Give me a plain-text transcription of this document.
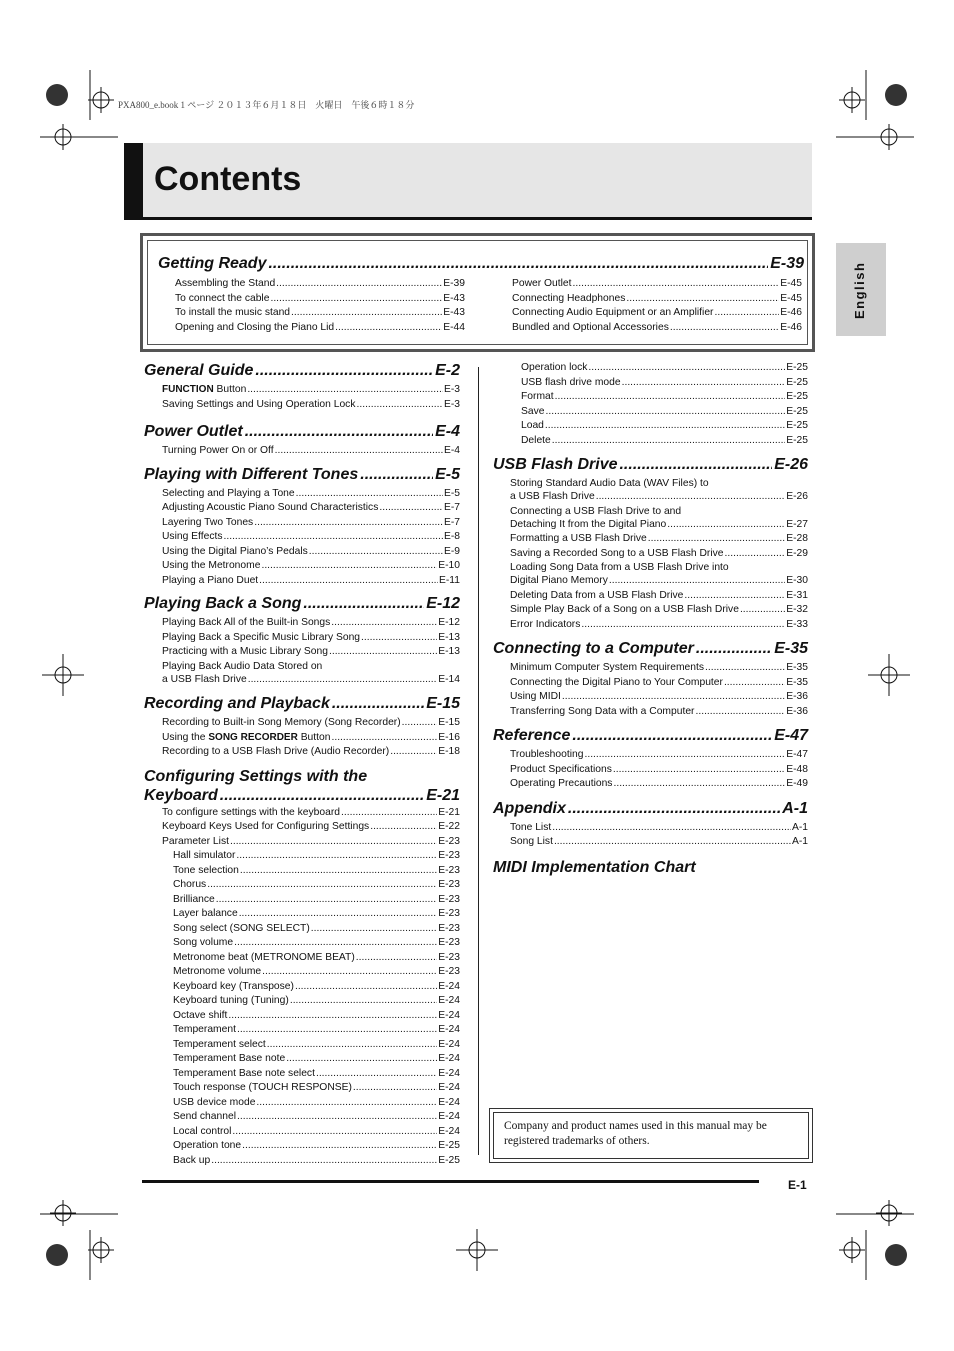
PXA800_e.book 1 ページ ２０１３年６月１８日　火曜日　午後６時１８分
Contents
English
Getting Ready .....	E-39
Assembling the Stand .....	E-39
To connect the cable .....	E-43
To install the music stand .....	E-43
Opening and Closing the Piano Lid .....	E-44
Power Outlet .....	E-45
Connecting Headphones .....	E-45
Connecting Audio Equipment or an Amplifier .....	E-46
Bundled and Optional Accessories .....	E-46
General Guide .....	E-2
FUNCTION Button .....	E-3
Saving Settings and Using Operation Lock .....	E-3
Power Outlet .....	E-4
Turning Power On or Off .....	E-4
Playing with Different Tones .....	E-5
Selecting and Playing a Tone .....	E-5
Adjusting Acoustic Piano Sound Characteristics .....	E-7
Layering Two Tones .....	E-7
Using Effects .....	E-8
Using the Digital Piano’s Pedals .....	E-9
Using the Metronome .....	E-10
Playing a Piano Duet .....	E-11
Playing Back a Song .....	E-12
Playing Back All of the Built-in Songs .....	E-12
Playing Back a Specific Music Library Song .....	E-13
Practicing with a Music Library Song .....	E-13
Playing Back Audio Data Stored on
a USB Flash Drive .....	E-14
Recording and Playback .....	E-15
Recording to Built-in Song Memory (Song Recorder) .....	E-15
Using the SONG RECORDER Button .....	E-16
Recording to a USB Flash Drive (Audio Recorder) .....	E-18
Configuring Settings with the
Keyboard .....	E-21
To configure settings with the keyboard .....	E-21
Keyboard Keys Used for Configuring Settings .....	E-22
Parameter List .....	E-23
Hall simulator .....	E-23
Tone selection .....	E-23
Chorus .....	E-23
Brilliance .....	E-23
Layer balance .....	E-23
Song select (SONG SELECT) .....	E-23
Song volume .....	E-23
Metronome beat (METRONOME BEAT) .....	E-23
Metronome volume .....	E-23
Keyboard key (Transpose) .....	E-24
Keyboard tuning (Tuning) .....	E-24
Octave shift .....	E-24
Temperament .....	E-24
Temperament select .....	E-24
Temperament Base note .....	E-24
Temperament Base note select .....	E-24
Touch response (TOUCH RESPONSE) .....	E-24
USB device mode .....	E-24
Send channel .....	E-24
Local control .....	E-24
Operation tone .....	E-25
Back up .....	E-25
Operation lock .....	E-25
USB flash drive mode .....	E-25
Format .....	E-25
Save .....	E-25
Load .....	E-25
Delete .....	E-25
USB Flash Drive .....	E-26
Storing Standard Audio Data (WAV Files) to
a USB Flash Drive .....	E-26
Connecting a USB Flash Drive to and
Detaching It from the Digital Piano .....	E-27
Formatting a USB Flash Drive .....	E-28
Saving a Recorded Song to a USB Flash Drive .....	E-29
Loading Song Data from a USB Flash Drive into
Digital Piano Memory .....	E-30
Deleting Data from a USB Flash Drive .....	E-31
Simple Play Back of a Song on a USB Flash Drive .....	E-32
Error Indicators .....	E-33
Connecting to a Computer .....	E-35
Minimum Computer System Requirements .....	E-35
Connecting the Digital Piano to Your Computer .....	E-35
Using MIDI .....	E-36
Transferring Song Data with a Computer .....	E-36
Reference .....	E-47
Troubleshooting .....	E-47
Product Specifications .....	E-48
Operating Precautions .....	E-49
Appendix .....	A-1
Tone List .....	A-1
Song List .....	A-1
MIDI Implementation Chart
Company and product names used in this manual may be registered trademarks of others.
E-1
